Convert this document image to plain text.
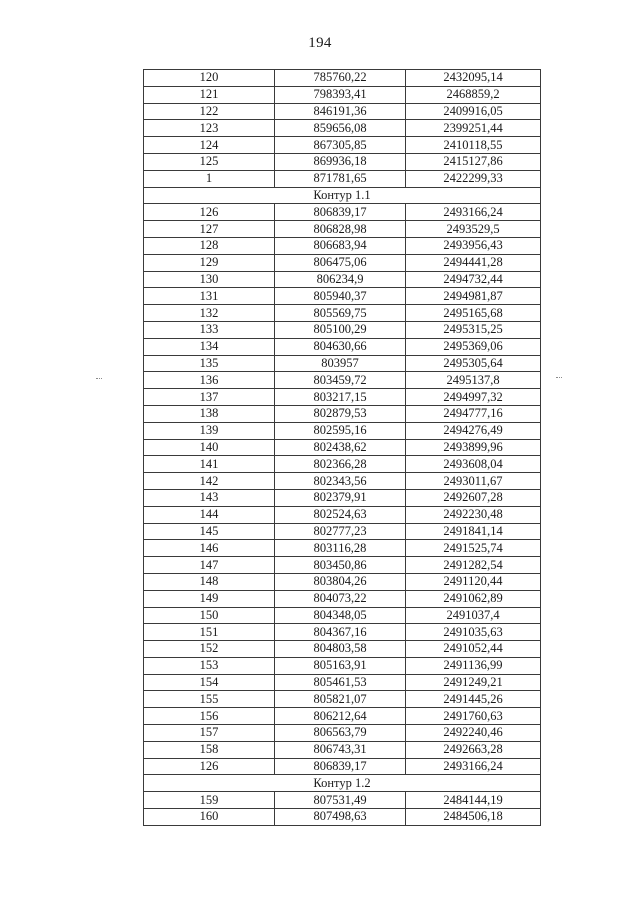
194
120	785760,22	2432095,14
121	798393,41	2468859,2
122	846191,36	2409916,05
123	859656,08	2399251,44
124	867305,85	2410118,55
125	869936,18	2415127,86
1	871781,65	2422299,33
Контур 1.1		
126	806839,17	2493166,24
127	806828,98	2493529,5
128	806683,94	2493956,43
129	806475,06	2494441,28
130	806234,9	2494732,44
131	805940,37	2494981,87
132	805569,75	2495165,68
133	805100,29	2495315,25
134	804630,66	2495369,06
135	803957	2495305,64
136	803459,72	2495137,8
137	803217,15	2494997,32
138	802879,53	2494777,16
139	802595,16	2494276,49
140	802438,62	2493899,96
141	802366,28	2493608,04
142	802343,56	2493011,67
143	802379,91	2492607,28
144	802524,63	2492230,48
145	802777,23	2491841,14
146	803116,28	2491525,74
147	803450,86	2491282,54
148	803804,26	2491120,44
149	804073,22	2491062,89
150	804348,05	2491037,4
151	804367,16	2491035,63
152	804803,58	2491052,44
153	805163,91	2491136,99
154	805461,53	2491249,21
155	805821,07	2491445,26
156	806212,64	2491760,63
157	806563,79	2492240,46
158	806743,31	2492663,28
126	806839,17	2493166,24
Контур 1.2		
159	807531,49	2484144,19
160	807498,63	2484506,18
